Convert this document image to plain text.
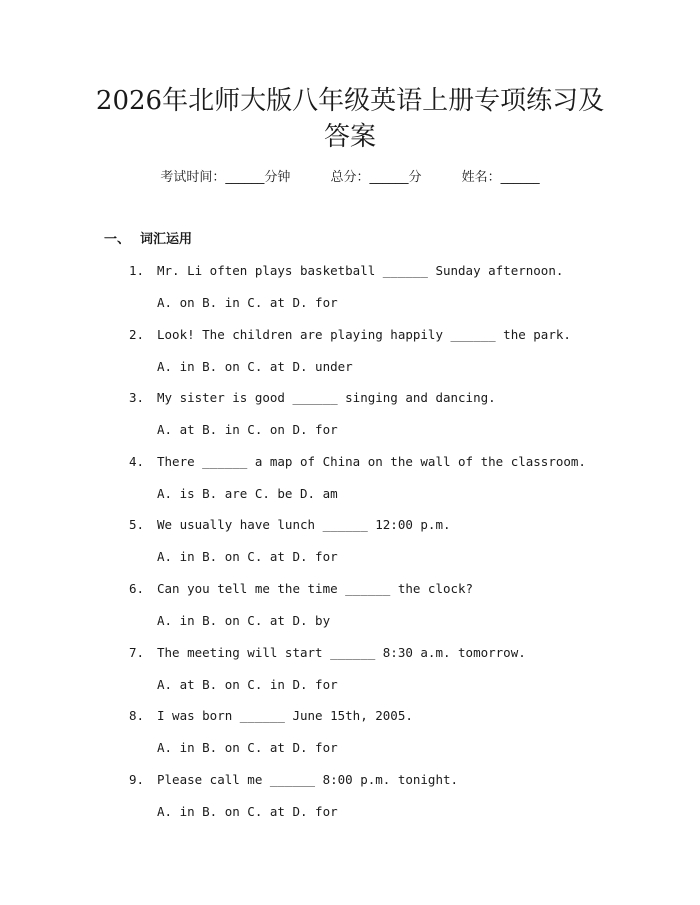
2026年北师大版八年级英语上册专项练习及
答案
考试时间：______分钟	总分：______分	姓名：______
一、 词汇运用
1. Mr. Li often plays basketball ______ Sunday afternoon.
A. on B. in C. at D. for
2. Look! The children are playing happily ______ the park.
A. in B. on C. at D. under
3. My sister is good ______ singing and dancing.
A. at B. in C. on D. for
4. There ______ a map of China on the wall of the classroom.
A. is B. are C. be D. am
5. We usually have lunch ______ 12:00 p.m.
A. in B. on C. at D. for
6. Can you tell me the time ______ the clock?
A. in B. on C. at D. by
7. The meeting will start ______ 8:30 a.m. tomorrow.
A. at B. on C. in D. for
8. I was born ______ June 15th, 2005.
A. in B. on C. at D. for
9. Please call me ______ 8:00 p.m. tonight.
A. in B. on C. at D. for
